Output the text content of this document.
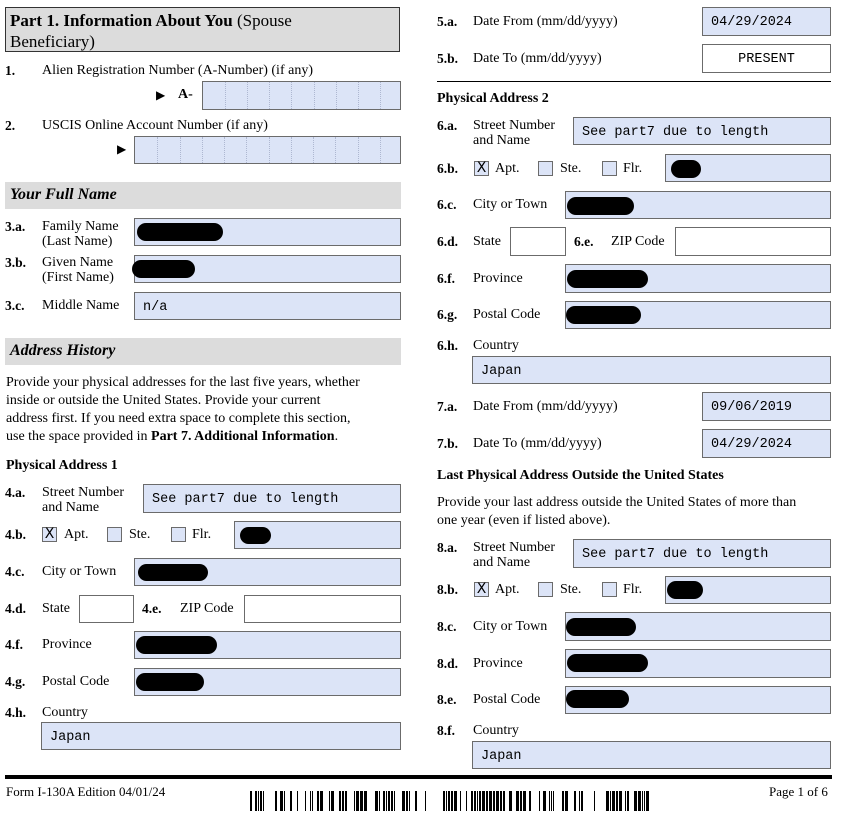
Part 1. Information About You (Spouse
Beneficiary)
1. Alien Registration Number (A-Number) (if any)
▶ A-
2. USCIS Online Account Number (if any)
▶
Your Full Name
3.a. Family Name
(Last Name)
3.b. Given Name
(First Name)
3.c. Middle Name	n/a
Address History
Provide your physical addresses for the last five years, whether
inside or outside the United States. Provide your current
address first. If you need extra space to complete this section,
use the space provided in Part 7. Additional Information.
Physical Address 1
4.a. Street Number
and Name
See part7 due to length
4.b. X Apt.	Ste.	Flr.
4.c. City or Town
4.d. State	4.e. ZIP Code
4.f. Province
4.g. Postal Code
4.h. Country
Japan
5.a. Date From (mm/dd/yyyy)	04/29/2024
5.b. Date To (mm/dd/yyyy)	PRESENT
Physical Address 2
6.a. Street Number
and Name
See part7 due to length
6.b. X Apt.	Ste.	Flr.
6.c. City or Town
6.d. State	6.e. ZIP Code
6.f. Province
6.g. Postal Code
6.h. Country
Japan
7.a. Date From (mm/dd/yyyy)	09/06/2019
7.b. Date To (mm/dd/yyyy)	04/29/2024
Last Physical Address Outside the United States
Provide your last address outside the United States of more than
one year (even if listed above).
8.a. Street Number
and Name
See part7 due to length
8.b. X Apt.	Ste.	Flr.
8.c. City or Town
8.d. Province
8.e. Postal Code
8.f. Country
Japan
Form I-130A Edition 04/01/24	Page 1 of 6
